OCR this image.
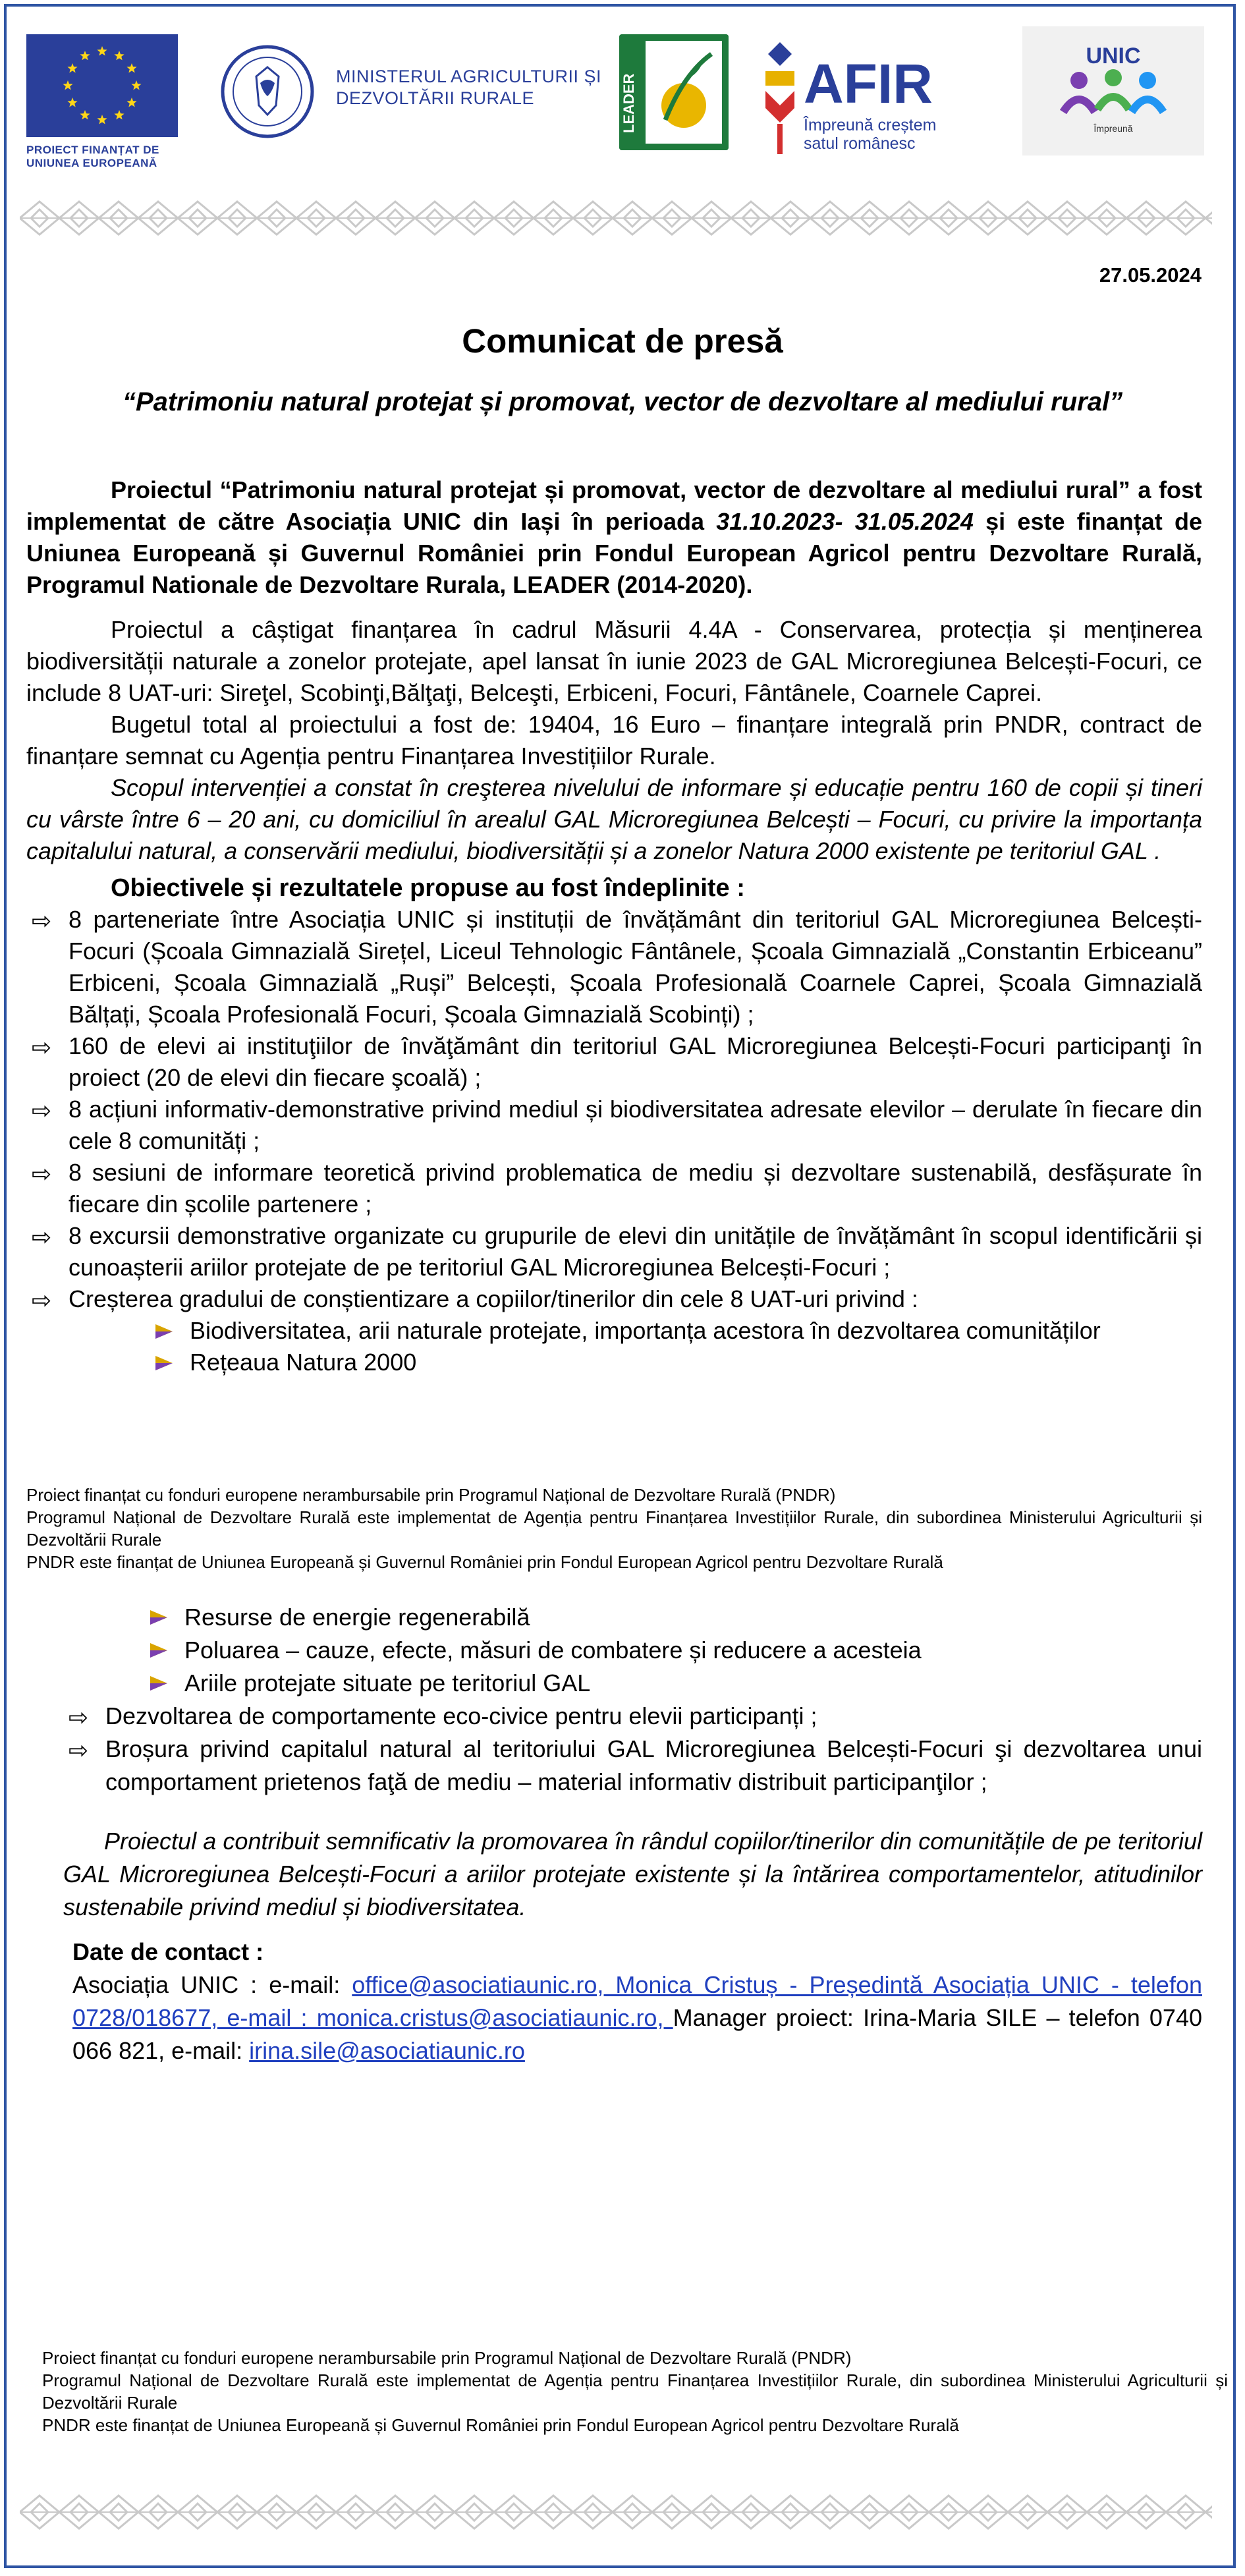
PROIECT FINANȚAT DE
UNIUNEA EUROPEANĂ
MINISTERUL AGRICULTURII ȘI
DEZVOLTĂRII RURALE	LEADER	AFIR
Împreună creștem
satul românesc
UNIC
Împreună
27.05.2024
Comunicat de presă
“Patrimoniu natural protejat și promovat, vector de dezvoltare al mediului rural”

Proiectul “Patrimoniu natural protejat și promovat, vector de dezvoltare al mediului rural” a fost implementat de către Asociația UNIC din Iași în perioada 31.10.2023- 31.05.2024 și este finanțat de Uniunea Europeană și Guvernul României prin Fondul European Agricol pentru Dezvoltare Rurală, Programul Nationale de Dezvoltare Rurala, LEADER (2014-2020).

Proiectul a câștigat finanțarea în cadrul Măsurii 4.4A - Conservarea, protecția și menținerea biodiversității naturale a zonelor protejate, apel lansat în iunie 2023 de GAL Microregiunea Belcești-Focuri, ce include 8 UAT-uri: Sireţel, Scobinţi,Bălţaţi, Belceşti, Erbiceni, Focuri, Fântânele, Coarnele Caprei.

Bugetul total al proiectului a fost de: 19404, 16 Euro – finanțare integrală prin PNDR, contract de finanțare semnat cu Agenția pentru Finanțarea Investițiilor Rurale.

Scopul intervenției a constat în creşterea nivelului de informare și educație pentru 160 de copii și tineri cu vârste între 6 – 20 ani, cu domiciliul în arealul GAL Microregiunea Belcești – Focuri, cu privire la importanța capitalului natural, a conservării mediului, biodiversității și a zonelor Natura 2000 existente pe teritoriul GAL .

Obiectivele și rezultatele propuse au fost îndeplinite :

⇨ 8 parteneriate între Asociația UNIC și instituții de învățământ din teritoriul GAL Microregiunea Belcești-Focuri (Școala Gimnazială Sirețel, Liceul Tehnologic Fântânele, Școala Gimnazială „Constantin Erbiceanu” Erbiceni, Școala Gimnazială „Ruși” Belcești, Școala Profesională Coarnele Caprei, Școala Gimnazială Bălțați, Școala Profesională Focuri, Școala Gimnazială Scobinți) ;
⇨ 160 de elevi ai instituţiilor de învăţământ din teritoriul GAL Microregiunea Belcești-Focuri participanţi în proiect (20 de elevi din fiecare şcoală) ;
⇨ 8 acțiuni informativ-demonstrative privind mediul și biodiversitatea adresate elevilor – derulate în fiecare din cele 8 comunități ;
⇨ 8 sesiuni de informare teoretică privind problematica de mediu și dezvoltare sustenabilă, desfășurate în fiecare din școlile partenere ;
⇨ 8 excursii demonstrative organizate cu grupurile de elevi din unitățile de învățământ în scopul identificării și cunoașterii ariilor protejate de pe teritoriul GAL Microregiunea Belcești-Focuri ;
⇨ Creșterea gradului de conștientizare a copiilor/tinerilor din cele 8 UAT-uri privind :
Biodiversitatea, arii naturale protejate, importanța acestora în dezvoltarea comunităților
Rețeaua Natura 2000

Proiect finanțat cu fonduri europene nerambursabile prin Programul Național de Dezvoltare Rurală (PNDR)

Programul Național de Dezvoltare Rurală este implementat de Agenția pentru Finanțarea Investițiilor Rurale, din subordinea Ministerului Agriculturii și Dezvoltării Rurale

PNDR este finanțat de Uniunea Europeană și Guvernul României prin Fondul European Agricol pentru Dezvoltare Rurală

Resurse de energie regenerabilă
Poluarea – cauze, efecte, măsuri de combatere și reducere a acesteia
Ariile protejate situate pe teritoriul GAL
⇨ Dezvoltarea de comportamente eco-civice pentru elevii participanți ;
⇨ Broșura privind capitalul natural al teritoriului GAL Microregiunea Belcești-Focuri şi dezvoltarea unui comportament prietenos faţă de mediu – material informativ distribuit participanţilor ;

Proiectul a contribuit semnificativ la promovarea în rândul copiilor/tinerilor din comunitățile de pe teritoriul GAL Microregiunea Belcești-Focuri a ariilor protejate existente și la întărirea comportamentelor, atitudinilor sustenabile privind mediul și biodiversitatea.

Date de contact :

Asociația UNIC : e-mail: office@asociatiaunic.ro, Monica Cristuș - Președintă Asociația UNIC - telefon 0728/018677, e-mail : monica.cristus@asociatiaunic.ro, Manager proiect: Irina-Maria SILE – telefon 0740 066 821, e-mail: irina.sile@asociatiaunic.ro

Proiect finanțat cu fonduri europene nerambursabile prin Programul Național de Dezvoltare Rurală (PNDR)

Programul Național de Dezvoltare Rurală este implementat de Agenția pentru Finanțarea Investițiilor Rurale, din subordinea Ministerului Agriculturii și Dezvoltării Rurale

PNDR este finanțat de Uniunea Europeană și Guvernul României prin Fondul European Agricol pentru Dezvoltare Rurală
